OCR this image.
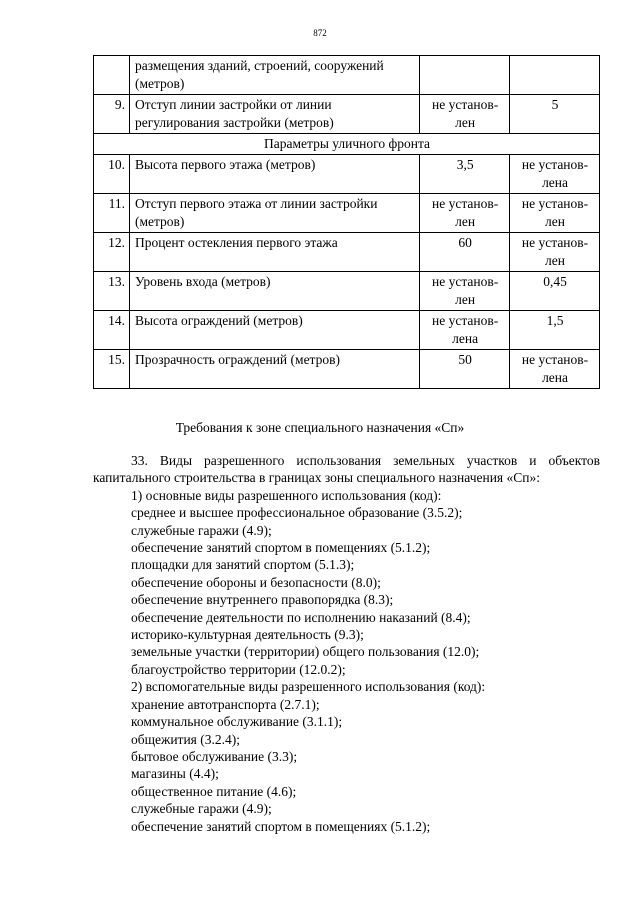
872
	размещения зданий, строений, сооружений (метров)		
9.	Отступ линии застройки от линии регулирования застройки (метров)	не установ-лен	5
Параметры уличного фронта			
10.	Высота первого этажа (метров)	3,5	не установ-лена
11.	Отступ первого этажа от линии застройки (метров)	не установ-лен	не установ-лен
12.	Процент остекления первого этажа	60	не установ-лен
13.	Уровень входа (метров)	не установ-лен	0,45
14.	Высота ограждений (метров)	не установ-лена	1,5
15.	Прозрачность ограждений (метров)	50	не установ-лена
Требования к зоне специального назначения «Сп»

33. Виды разрешенного использования земельных участков и объектов капитального строительства в границах зоны специального назначения «Сп»:

1) основные виды разрешенного использования (код):

среднее и высшее профессиональное образование (3.5.2);

служебные гаражи (4.9);

обеспечение занятий спортом в помещениях (5.1.2);

площадки для занятий спортом (5.1.3);

обеспечение обороны и безопасности (8.0);

обеспечение внутреннего правопорядка (8.3);

обеспечение деятельности по исполнению наказаний (8.4);

историко-культурная деятельность (9.3);

земельные участки (территории) общего пользования (12.0);

благоустройство территории (12.0.2);

2) вспомогательные виды разрешенного использования (код):

хранение автотранспорта (2.7.1);

коммунальное обслуживание (3.1.1);

общежития (3.2.4);

бытовое обслуживание (3.3);

магазины (4.4);

общественное питание (4.6);

служебные гаражи (4.9);

обеспечение занятий спортом в помещениях (5.1.2);
